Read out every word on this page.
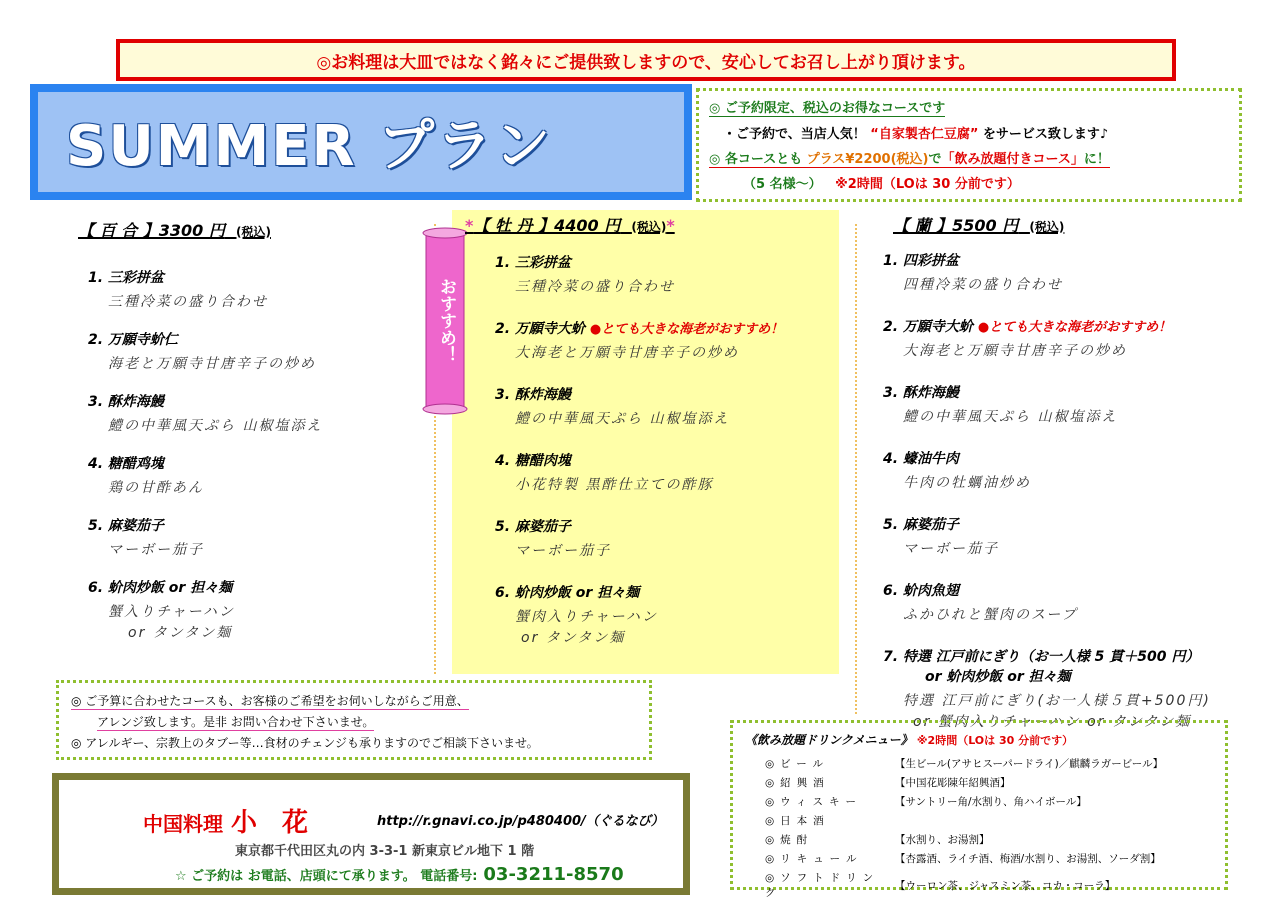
◎お料理は大皿ではなく銘々にご提供致しますので、安心してお召し上がり頂けます。
SUMMER プラン
◎ ご予約限定、税込のお得なコースです
・ご予約で、当店人気！ “自家製杏仁豆腐” をサービス致します♪
◎ 各コースとも プラス¥2200(税込)で「飲み放題付きコース」に！
（5 名様～） ※2時間（LOは 30 分前です）
おすすめ！
【 百 合 】3300 円 (税込)
1. 三彩拼盆
三種冷菜の盛り合わせ
2. 万願寺蚧仁
海老と万願寺甘唐辛子の炒め
3. 酥炸海鰻
鱧の中華風天ぷら 山椒塩添え
4. 糖醋鸡塊
鶏の甘酢あん
5. 麻婆茄子
マーボー茄子
6. 蚧肉炒飯 or 担々麺
蟹入りチャーハン
or タンタン麺
*【 牡 丹 】4400 円 (税込)*
1. 三彩拼盆
三種冷菜の盛り合わせ
2. 万願寺大蚧 ●とても大きな海老がおすすめ！
大海老と万願寺甘唐辛子の炒め
3. 酥炸海鰻
鱧の中華風天ぷら 山椒塩添え
4. 糖醋肉塊
小花特製 黒酢仕立ての酢豚
5. 麻婆茄子
マーボー茄子
6. 蚧肉炒飯 or 担々麺
蟹肉入りチャーハン
or タンタン麺
【 蘭 】5500 円 (税込)
1. 四彩拼盆
四種冷菜の盛り合わせ
2. 万願寺大蚧 ●とても大きな海老がおすすめ！
大海老と万願寺甘唐辛子の炒め
3. 酥炸海鰻
鱧の中華風天ぷら 山椒塩添え
4. 蠔油牛肉
牛肉の牡蠣油炒め
5. 麻婆茄子
マーボー茄子
6. 蚧肉魚翅
ふかひれと蟹肉のスープ
7. 特選 江戸前にぎり（お一人様 5 貫＋500 円）
or 蚧肉炒飯 or 担々麺
特選 江戸前にぎり(お一人様５貫+500円)
or 蟹肉入りチャーハン or タンタン麺
◎ ご予算に合わせたコースも、お客様のご希望をお伺いしながらご用意、
アレンジ致します。是非 お問い合わせ下さいませ。
◎ アレルギー、宗教上のタブー等…食材のチェンジも承りますのでご相談下さいませ。
中国料理 小 花	http://r.gnavi.co.jp/p480400/（ぐるなび）
東京都千代田区丸の内 3-3-1 新東京ビル地下 1 階
☆ ご予約は お電話、店頭にて承ります。 電話番号: 03-3211-8570
《飲み放題ドリンクメニュー》 ※2時間（LOは 30 分前です）
◎ビール	【生ビール(アサヒスーパードライ)／麒麟ラガービール】
◎紹興酒	【中国花彫陳年紹興酒】
◎ウィスキー	【サントリー角/水割り、角ハイボール】
◎日本酒	
◎焼酎	【水割り、お湯割】
◎リキュール	【杏露酒、ライチ酒、梅酒/水割り、お湯割、ソーダ割】
◎ソフトドリンク	【ウーロン茶、ジャスミン茶、コカ・コーラ】
